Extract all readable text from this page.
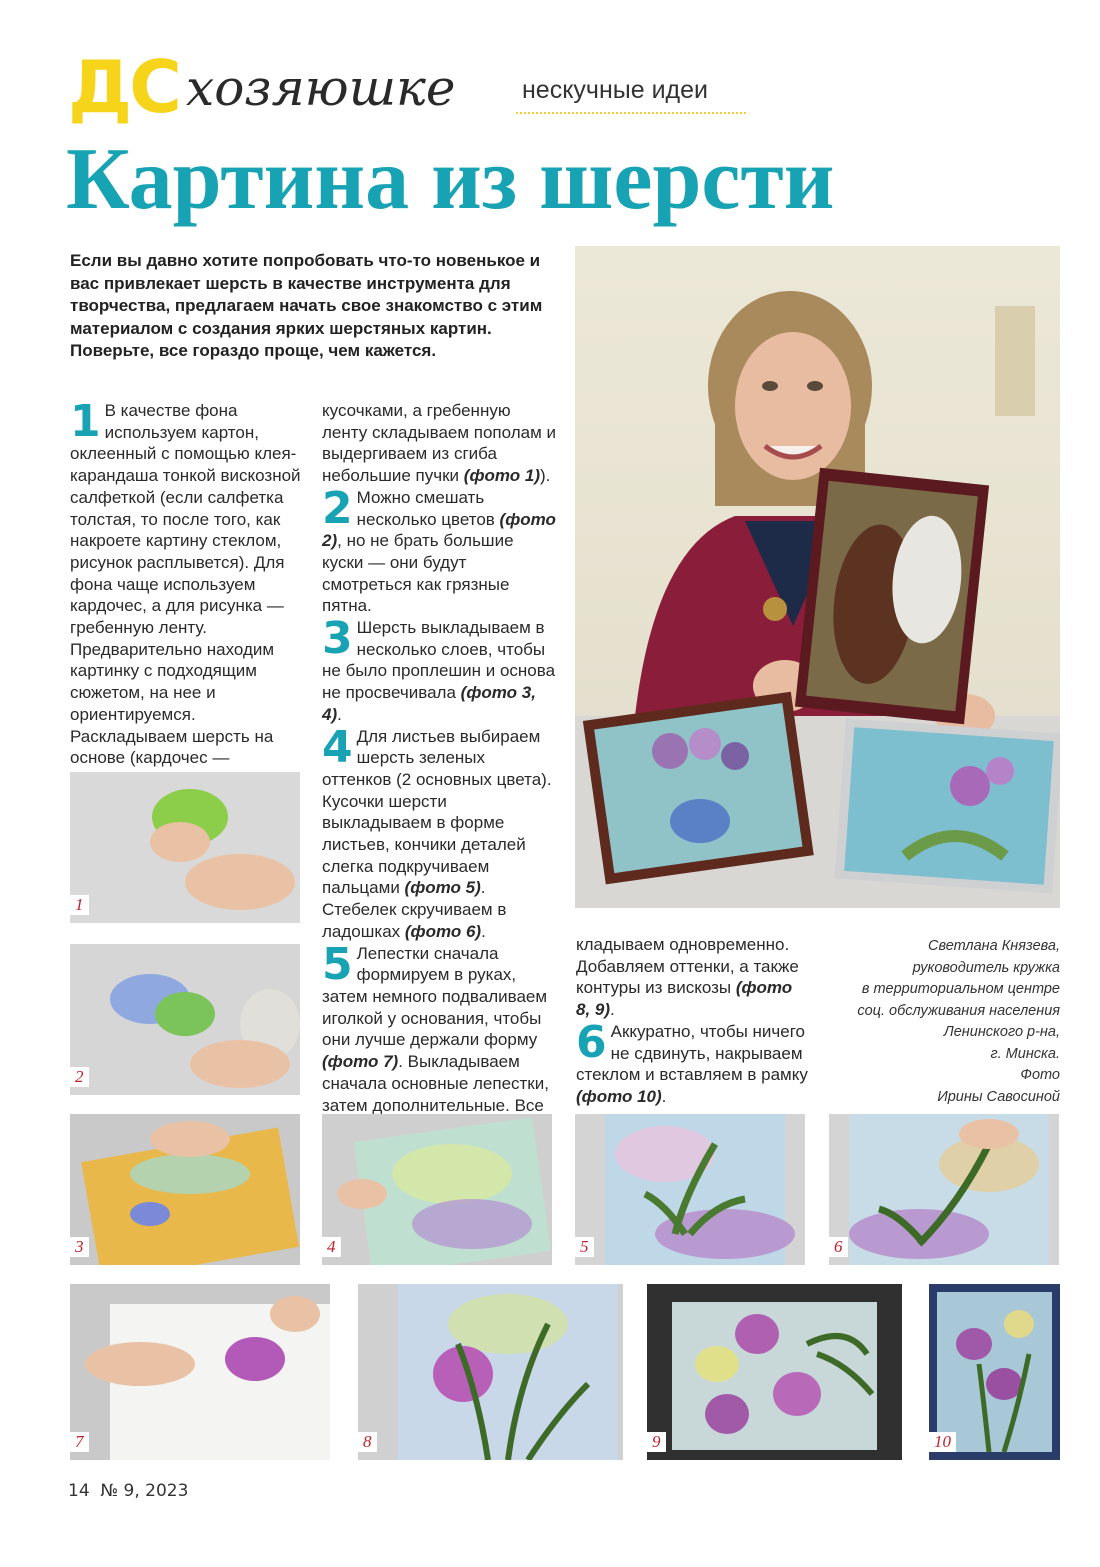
ДС хозяюшке	нескучные идеи
Картина из шерсти
Если вы давно хотите попробовать что-то новенькое и вас привлекает шерсть в качестве инструмента для творчества, предлагаем начать свое знакомство с этим материалом с создания ярких шерстяных картин. Поверьте, все гораздо проще, чем кажется.

1 В качестве фона используем картон, оклеенный с помощью клея-карандаша тонкой вискозной салфеткой (если салфетка толстая, то после того, как накроете картину стеклом, рисунок расплывется). Для фона чаще используем кардочес, а для рисунка — гребенную ленту. Предварительно находим картинку с подходящим сюжетом, на нее и ориентируемся. Раскладываем шерсть на основе (кардочес —

кусочками, а гребенную ленту складываем пополам и выдергиваем из сгиба небольшие пучки (фото 1)).

2 Можно смешать несколько цветов (фото 2), но не брать большие куски — они будут смотреться как грязные пятна.

3 Шерсть выкладываем в несколько слоев, чтобы не было проплешин и основа не просвечивала (фото 3, 4).

4 Для листьев выбираем шерсть зеленых оттенков (2 основных цвета). Кусочки шерсти выкладываем в форме листьев, кончики деталей слегка подкручиваем пальцами (фото 5). Стебелек скручиваем в ладошках (фото 6).

5 Лепестки сначала формируем в руках, затем немного подваливаем иголкой у основания, чтобы они лучше держали форму (фото 7). Выкладываем сначала основные лепестки, затем дополнительные. Все

кладываем одновременно. Добавляем оттенки, а также контуры из вискозы (фото 8, 9).

6 Аккуратно, чтобы ничего не сдвинуть, накрываем стеклом и вставляем в рамку (фото 10).

Светлана Князева,
руководитель кружка
в территориальном центре
соц. обслуживания населения
Ленинского р-на,
г. Минска.
Фото
Ирины Савосиной
1
2
3	4	5	6
7	8	9	10
14 № 9, 2023
